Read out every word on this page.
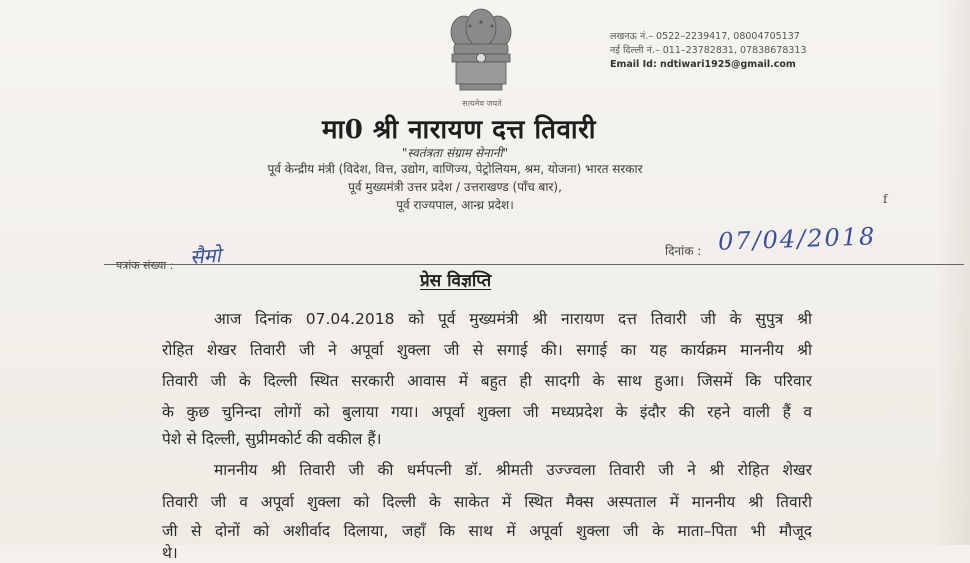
सत्यमेव जयते
लखनऊ नं.– 0522–2239417, 08004705137
नई दिल्ली नं.– 011–23782831, 07838678313
Email Id: ndtiwari1925@gmail.com
मा0 श्री नारायण दत्त तिवारी
"स्वतंत्रता संग्राम सेनानी"
पूर्व केन्द्रीय मंत्री (विदेश, वित्त, उद्योग, वाणिज्य, पेट्रोलियम, श्रम, योजना) भारत सरकार
पूर्व मुख्यमंत्री उत्तर प्रदेश / उत्तराखण्ड (पाँच बार),
पूर्व राज्यपाल, आन्ध्र प्रदेश।	f
पत्रांक संख्या : सैमो	दिनांक : 07/04/2018
प्रेस विज्ञप्ति
आज दिनांक 07.04.2018 को पूर्व मुख्यमंत्री श्री नारायण दत्त तिवारी जी के सुपुत्र श्री
रोहित शेखर तिवारी जी ने अपूर्वा शुक्ला जी से सगाई की। सगाई का यह कार्यक्रम माननीय श्री
तिवारी जी के दिल्ली स्थित सरकारी आवास में बहुत ही सादगी के साथ हुआ। जिसमें कि परिवार
के कुछ चुनिन्दा लोगों को बुलाया गया। अपूर्वा शुक्ला जी मध्यप्रदेश के इंदौर की रहने वाली हैं व
पेशे से दिल्ली, सुप्रीमकोर्ट की वकील हैं।
माननीय श्री तिवारी जी की धर्मपत्नी डॉ. श्रीमती उज्ज्वला तिवारी जी ने श्री रोहित शेखर
तिवारी जी व अपूर्वा शुक्ला को दिल्ली के साकेत में स्थित मैक्स अस्पताल में माननीय श्री तिवारी
जी से दोनों को अशीर्वाद दिलाया, जहाँ कि साथ में अपूर्वा शुक्ला जी के माता–पिता भी मौजूद
थे।
